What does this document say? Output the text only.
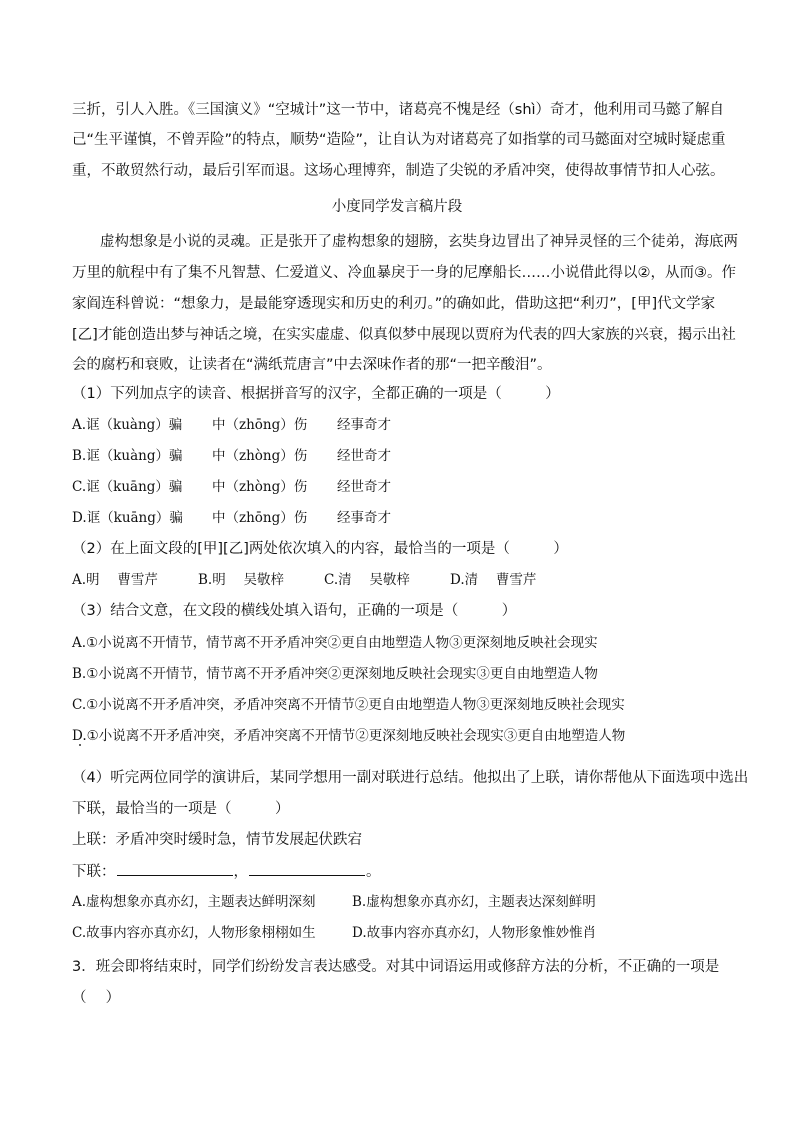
三折，引人入胜。《三国演义》“空城计”这一节中，诸葛亮不愧是经（shì）奇才，他利用司马懿了解自
己“生平谨慎，不曾弄险”的特点，顺势“造险”，让自认为对诸葛亮了如指掌的司马懿面对空城时疑虑重
重，不敢贸然行动，最后引军而退。这场心理博弈，制造了尖锐的矛盾冲突，使得故事情节扣人心弦。
小度同学发言稿片段
虚构想象是小说的灵魂。正是张开了虚构想象的翅膀，玄奘身边冒出了神异灵怪的三个徒弟，海底两
万里的航程中有了集不凡智慧、仁爱道义、冷血暴戾于一身的尼摩船长……小说借此得以②，从而③。作
家阎连科曾说：“想象力，是最能穿透现实和历史的利刃。”的确如此，借助这把“利刃”，[甲]代文学家
[乙]才能创造出梦与神话之境，在实实虚虚、似真似梦中展现以贾府为代表的四大家族的兴衰，揭示出社
会的腐朽和衰败，让读者在“满纸荒唐言”中去深味作者的那“一把辛酸泪”。
（1）下列加点字的读音、根据拼音写的汉字，全都正确的一项是（　　　）
A.诓（kuàng）骗 中（zhōng）伤 经事奇才
B.诓（kuàng）骗 中（zhòng）伤 经世奇才
C.诓（kuāng）骗 中（zhòng）伤 经世奇才
D.诓（kuāng）骗 中（zhōng）伤 经事奇才
（2）在上面文段的[甲][乙]两处依次填入的内容，最恰当的一项是（　　　）
A.明　 曹雪芹	B.明　 吴敬梓	C.清　 吴敬梓	D.清　 曹雪芹
（3）结合文意，在文段的横线处填入语句，正确的一项是（　　　）
A.①小说离不开情节，情节离不开矛盾冲突②更自由地塑造人物③更深刻地反映社会现实
B.①小说离不开情节，情节离不开矛盾冲突②更深刻地反映社会现实③更自由地塑造人物
C.①小说离不开矛盾冲突，矛盾冲突离不开情节②更自由地塑造人物③更深刻地反映社会现实
D.①小说离不开矛盾冲突，矛盾冲突离不开情节②更深刻地反映社会现实③更自由地塑造人物
（4）听完两位同学的演讲后，某同学想用一副对联进行总结。他拟出了上联，请你帮他从下面选项中选出
下联，最恰当的一项是（　　　）
上联：矛盾冲突时缓时急，情节发展起伏跌宕
下联：	，	。
A.虚构想象亦真亦幻，主题表达鲜明深刻	B.虚构想象亦真亦幻，主题表达深刻鲜明
C.故事内容亦真亦幻，人物形象栩栩如生	D.故事内容亦真亦幻，人物形象惟妙惟肖
3．班会即将结束时，同学们纷纷发言表达感受。对其中词语运用或修辞方法的分析，不正确的一项是
（　 ）
